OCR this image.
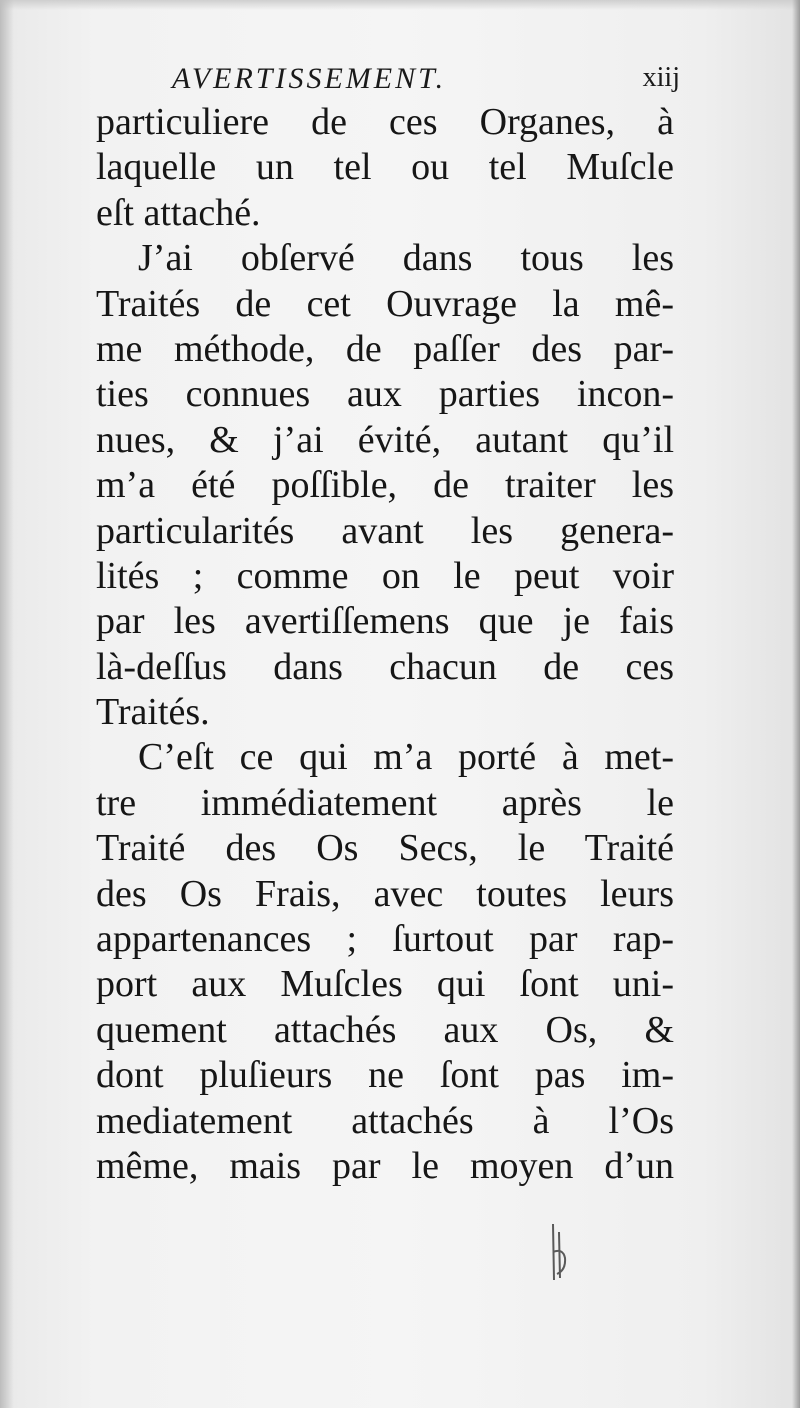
AVERTISSEMENT.	xiij
particuliere de ces Organes, à
laquelle un tel ou tel Muſcle
eſt attaché.
J’ai obſervé dans tous les
Traités de cet Ouvrage la mê-
me méthode, de paſſer des par-
ties connues aux parties incon-
nues, & j’ai évité, autant qu’il
m’a été poſſible, de traiter les
particularités avant les genera-
lités ; comme on le peut voir
par les avertiſſemens que je fais
là-deſſus dans chacun de ces
Traités.
C’eſt ce qui m’a porté à met-
tre immédiatement après le
Traité des Os Secs, le Traité
des Os Frais, avec toutes leurs
appartenances ; ſurtout par rap-
port aux Muſcles qui ſont uni-
quement attachés aux Os, &
dont pluſieurs ne ſont pas im-
mediatement attachés à l’Os
même, mais par le moyen d’un
